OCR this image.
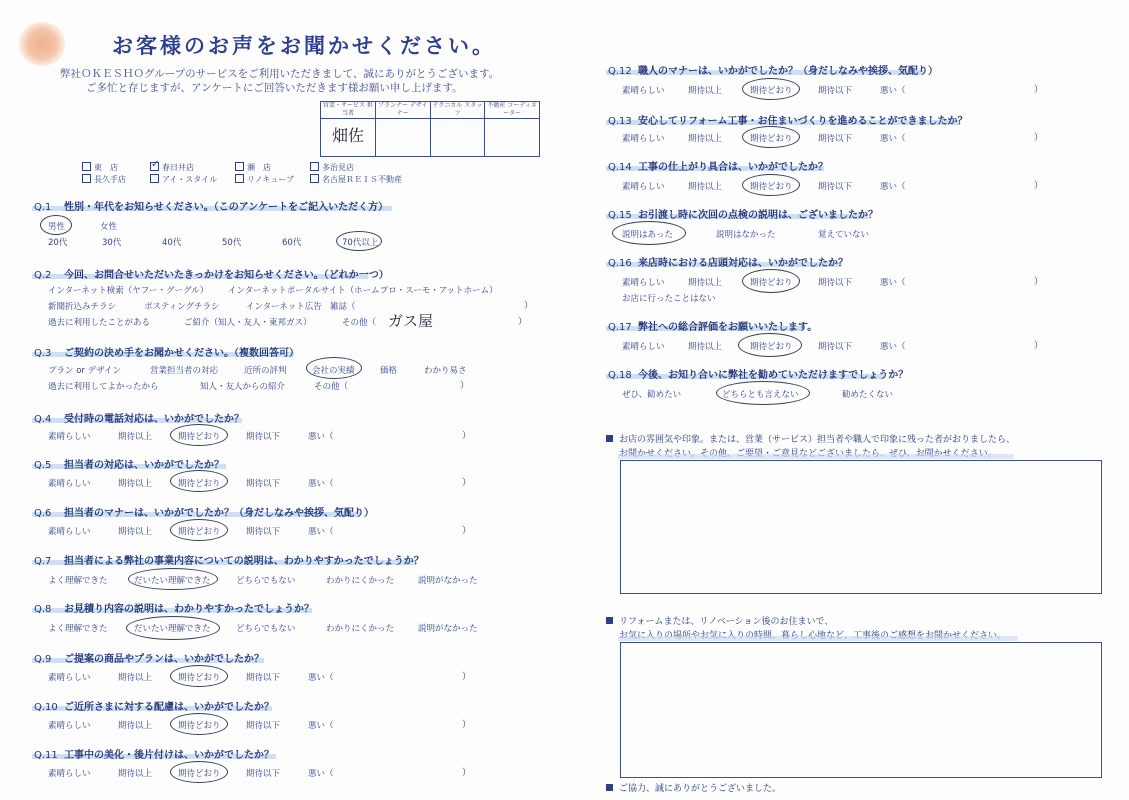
お客様のお声をお聞かせください。
弊社ＯＫＥＳＨＯグループのサービスをご利用いただきまして、誠にありがとうございます。
ご多忙と存じますが、アンケートにご回答いただきます様お願い申し上げます。
営業・サービス 担当者	プランナー デザイナー	テクニカル スタッフ	不動産 コーディネーター
畑佐			
東　店	✓ 春日井店	瀬　店	多治見店
長久手店	アイ・スタイル	リノキューブ	名古屋ＲＥＩＳ不動産
Q.1 性別・年代をお知らせください。（このアンケートをご記入いただく方）
男性	女性
20代	30代	40代	50代	60代	70代以上
Q.2 今回、お問合せいただいたきっかけをお知らせください。（どれか一つ）
インターネット検索（ヤフー・グーグル） インターネットポータルサイト（ホームプロ・スーモ・アットホーム）
新聞折込みチラシ	ポスティングチラシ	インターネット広告 雑誌（	）
過去に利用したことがある	ご紹介（知人・友人・東邦ガス）	その他（ ガス屋	）
Q.3 ご契約の決め手をお聞かせください。（複数回答可）
プラン or デザイン	営業担当者の対応	近所の評判	会社の実績	価格	わかり易さ
過去に利用してよかったから	知人・友人からの紹介	その他（	）
Q.4 受付時の電話対応は、いかがでしたか？
素晴らしい	期待以上	期待どおり	期待以下	悪い（	）
Q.5 担当者の対応は、いかがでしたか？
素晴らしい	期待以上	期待どおり	期待以下	悪い（	）
Q.6 担当者のマナーは、いかがでしたか？（身だしなみや挨拶、気配り）
素晴らしい	期待以上	期待どおり	期待以下	悪い（	）
Q.7 担当者による弊社の事業内容についての説明は、わかりやすかったでしょうか？
よく理解できた	だいたい理解できた	どちらでもない	わかりにくかった	説明がなかった
Q.8 お見積り内容の説明は、わかりやすかったでしょうか？
よく理解できた	だいたい理解できた	どちらでもない	わかりにくかった	説明がなかった
Q.9 ご提案の商品やプランは、いかがでしたか？
素晴らしい	期待以上	期待どおり	期待以下	悪い（	）
Q.10 ご近所さまに対する配慮は、いかがでしたか？
素晴らしい	期待以上	期待どおり	期待以下	悪い（	）
Q.11 工事中の美化・後片付けは、いかがでしたか？
素晴らしい	期待以上	期待どおり	期待以下	悪い（	）
Q.12 職人のマナーは、いかがでしたか？（身だしなみや挨拶、気配り）
素晴らしい	期待以上	期待どおり	期待以下	悪い（	）
Q.13 安心してリフォーム工事・お住まいづくりを進めることができましたか？
素晴らしい	期待以上	期待どおり	期待以下	悪い（	）
Q.14 工事の仕上がり具合は、いかがでしたか？
素晴らしい	期待以上	期待どおり	期待以下	悪い（	）
Q.15 お引渡し時に次回の点検の説明は、ございましたか？
説明はあった	説明はなかった	覚えていない
Q.16 来店時における店頭対応は、いかがでしたか？
素晴らしい	期待以上	期待どおり	期待以下	悪い（	）
お店に行ったことはない
Q.17 弊社への総合評価をお願いいたします。
素晴らしい	期待以上	期待どおり	期待以下	悪い（	）
Q.18 今後、お知り合いに弊社を勧めていただけますでしょうか？
ぜひ、勧めたい	どちらとも言えない	勧めたくない
お店の雰囲気や印象。または、営業（サービス）担当者や職人で印象に残った者がおりましたら、
リフォームまたは、リノベーション後のお住まいで、
ご協力、誠にありがとうございました。
